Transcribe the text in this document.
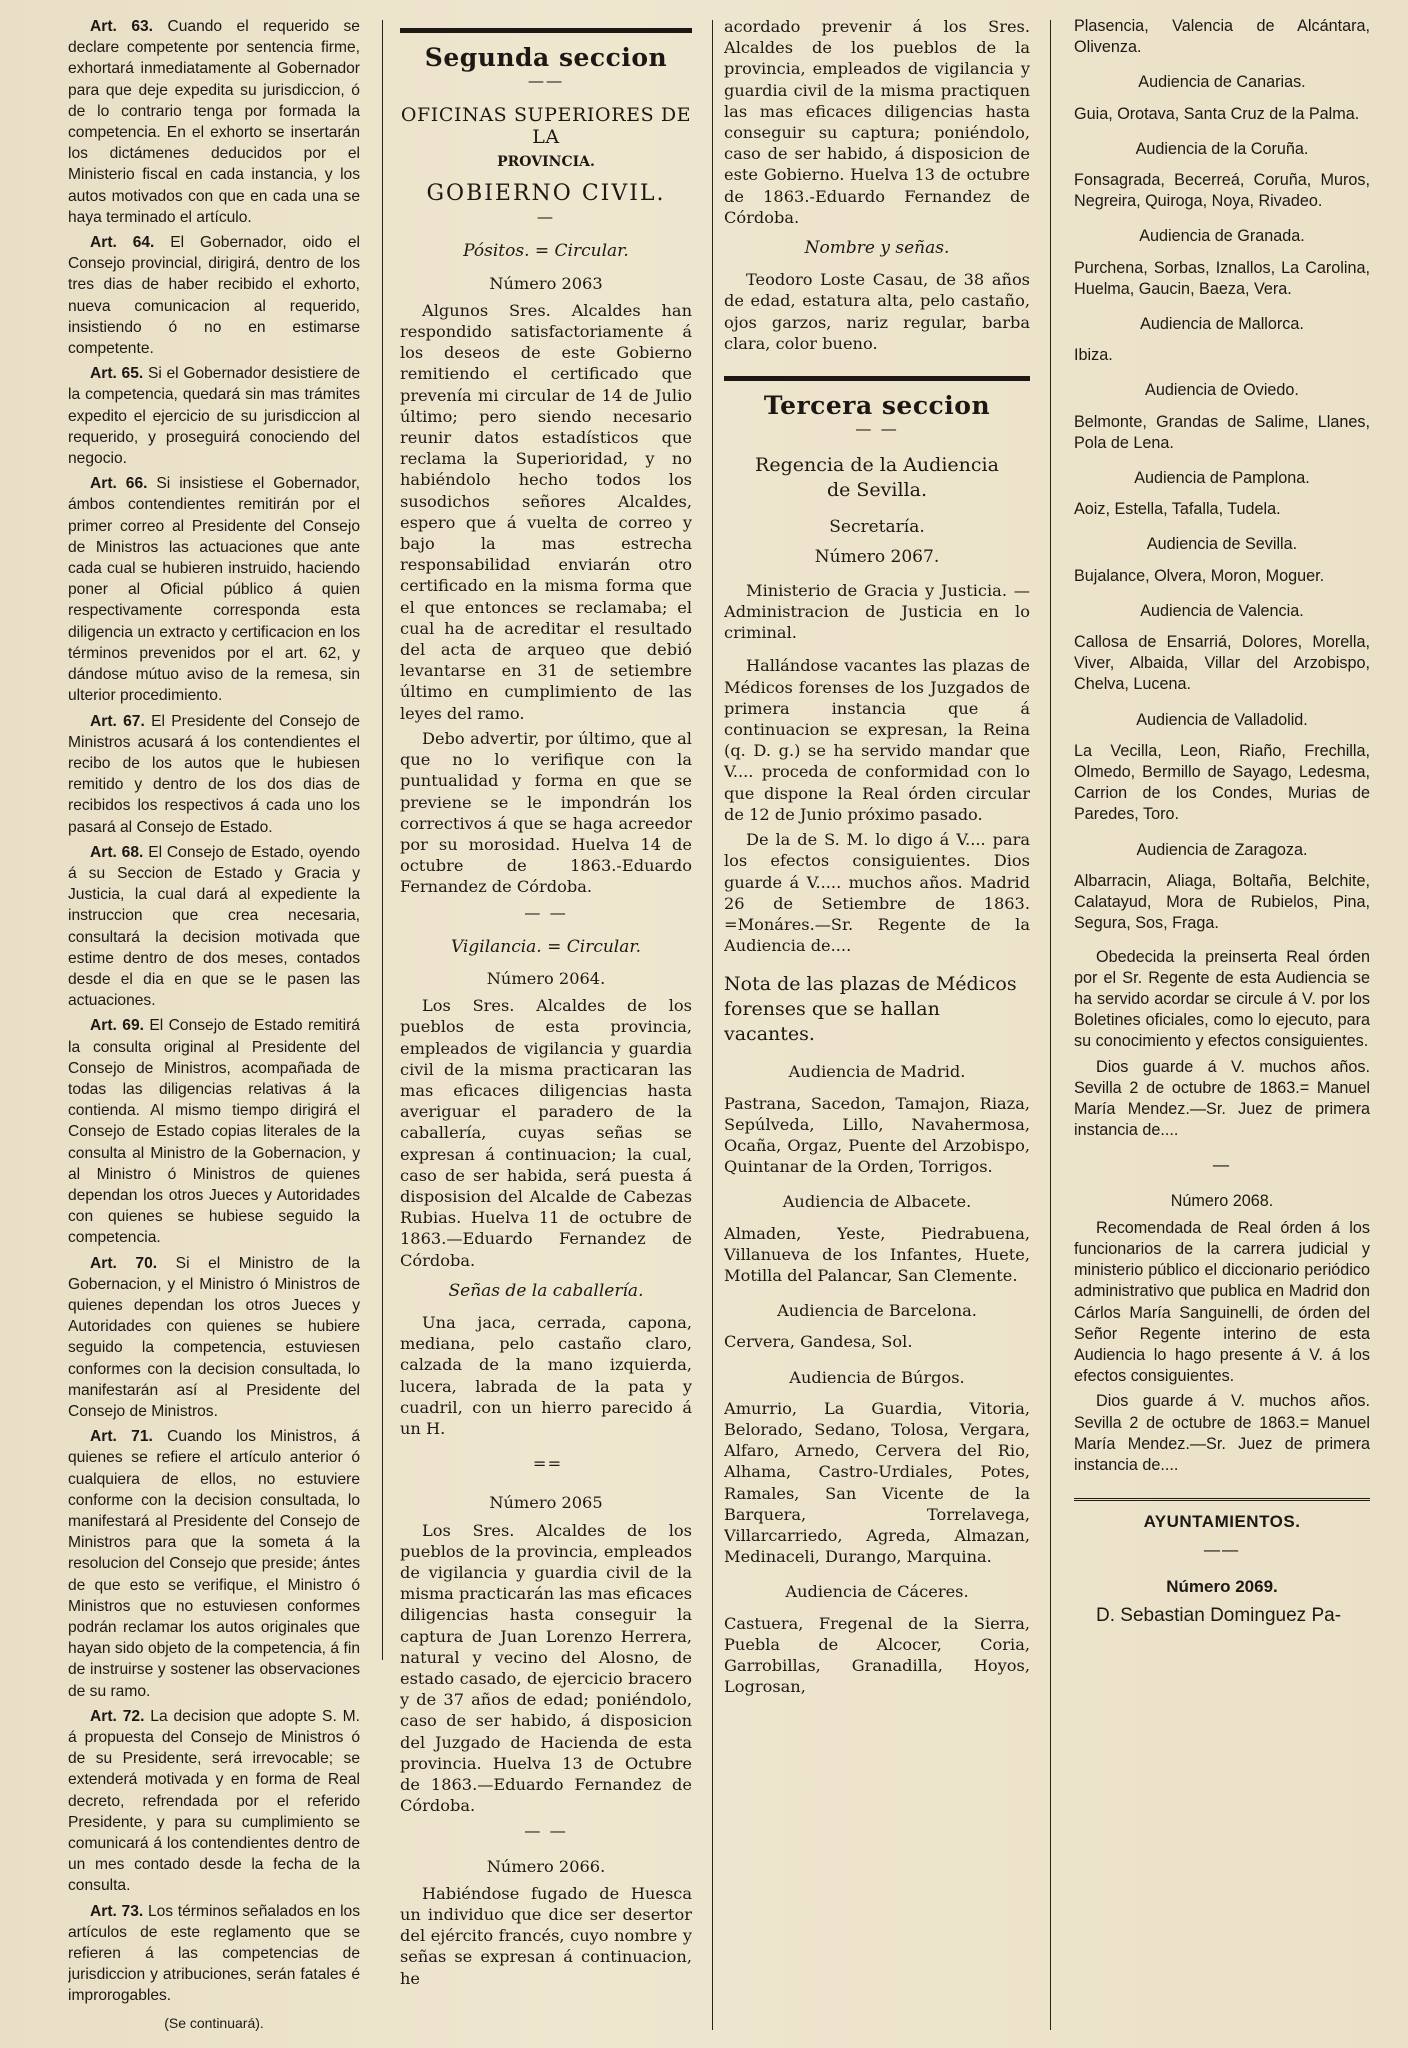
Art. 63. Cuando el requerido se declare competente por sentencia firme, exhortará inmediatamente al Gobernador para que deje expedita su jurisdiccion, ó de lo contrario tenga por formada la competencia. En el exhorto se insertarán los dictámenes deducidos por el Ministerio fiscal en cada instancia, y los autos motivados con que en cada una se haya terminado el artículo.

Art. 64. El Gobernador, oido el Consejo provincial, dirigirá, dentro de los tres dias de haber recibido el exhorto, nueva comunicacion al requerido, insistiendo ó no en estimarse competente.

Art. 65. Si el Gobernador desistiere de la competencia, quedará sin mas trámites expedito el ejercicio de su jurisdiccion al requerido, y proseguirá conociendo del negocio.

Art. 66. Si insistiese el Gobernador, ámbos contendientes remitirán por el primer correo al Presidente del Consejo de Ministros las actuaciones que ante cada cual se hubieren instruido, haciendo poner al Oficial público á quien respectivamente corresponda esta diligencia un extracto y certificacion en los términos prevenidos por el art. 62, y dándose mútuo aviso de la remesa, sin ulterior procedimiento.

Art. 67. El Presidente del Consejo de Ministros acusará á los contendientes el recibo de los autos que le hubiesen remitido y dentro de los dos dias de recibidos los respectivos á cada uno los pasará al Consejo de Estado.

Art. 68. El Consejo de Estado, oyendo á su Seccion de Estado y Gracia y Justicia, la cual dará al expediente la instruccion que crea necesaria, consultará la decision motivada que estime dentro de dos meses, contados desde el dia en que se le pasen las actuaciones.

Art. 69. El Consejo de Estado remitirá la consulta original al Presidente del Consejo de Ministros, acompañada de todas las diligencias relativas á la contienda. Al mismo tiempo dirigirá el Consejo de Estado copias literales de la consulta al Ministro de la Gobernacion, y al Ministro ó Ministros de quienes dependan los otros Jueces y Autoridades con quienes se hubiese seguido la competencia.

Art. 70. Si el Ministro de la Gobernacion, y el Ministro ó Ministros de quienes dependan los otros Jueces y Autoridades con quienes se hubiere seguido la competencia, estuviesen conformes con la decision consultada, lo manifestarán así al Presidente del Consejo de Ministros.

Art. 71. Cuando los Ministros, á quienes se refiere el artículo anterior ó cualquiera de ellos, no estuviere conforme con la decision consultada, lo manifestará al Presidente del Consejo de Ministros para que la someta á la resolucion del Consejo que preside; ántes de que esto se verifique, el Ministro ó Ministros que no estuviesen conformes podrán reclamar los autos originales que hayan sido objeto de la competencia, á fin de instruirse y sostener las observaciones de su ramo.

Art. 72. La decision que adopte S. M. á propuesta del Consejo de Ministros ó de su Presidente, será irrevocable; se extenderá motivada y en forma de Real decreto, refrendada por el referido Presidente, y para su cumplimiento se comunicará á los contendientes dentro de un mes contado desde la fecha de la consulta.

Art. 73. Los términos señalados en los artículos de este reglamento que se refieren á las competencias de jurisdiccion y atribuciones, serán fatales é improrogables.

(Se continuará).
Segunda seccion
——
OFICINAS SUPERIORES DE LA
PROVINCIA.
GOBIERNO CIVIL.
—
Pósitos. = Circular.
Número 2063

Algunos Sres. Alcaldes han respondido satisfactoriamente á los deseos de este Gobierno remitiendo el certificado que prevenía mi circular de 14 de Julio último; pero siendo necesario reunir datos estadísticos que reclama la Superioridad, y no habiéndolo hecho todos los susodichos señores Alcaldes, espero que á vuelta de correo y bajo la mas estrecha responsabilidad enviarán otro certificado en la misma forma que el que entonces se reclamaba; el cual ha de acreditar el resultado del acta de arqueo que debió levantarse en 31 de setiembre último en cumplimiento de las leyes del ramo.

Debo advertir, por último, que al que no lo verifique con la puntualidad y forma en que se previene se le impondrán los correctivos á que se haga acreedor por su morosidad. Huelva 14 de octubre de 1863.-Eduardo Fernandez de Córdoba.

— —
Vigilancia. = Circular.
Número 2064.

Los Sres. Alcaldes de los pueblos de esta provincia, empleados de vigilancia y guardia civil de la misma practicaran las mas eficaces diligencias hasta averiguar el paradero de la caballería, cuyas señas se expresan á continuacion; la cual, caso de ser habida, será puesta á disposision del Alcalde de Cabezas Rubias. Huelva 11 de octubre de 1863.—Eduardo Fernandez de Córdoba.

Señas de la caballería.

Una jaca, cerrada, capona, mediana, pelo castaño claro, calzada de la mano izquierda, lucera, labrada de la pata y cuadril, con un hierro parecido á un H.

= =
Número 2065

Los Sres. Alcaldes de los pueblos de la provincia, empleados de vigilancia y guardia civil de la misma practicarán las mas eficaces diligencias hasta conseguir la captura de Juan Lorenzo Herrera, natural y vecino del Alosno, de estado casado, de ejercicio bracero y de 37 años de edad; poniéndolo, caso de ser habido, á disposicion del Juzgado de Hacienda de esta provincia. Huelva 13 de Octubre de 1863.—Eduardo Fernandez de Córdoba.

— —
Número 2066.

Habiéndose fugado de Huesca un individuo que dice ser desertor del ejército francés, cuyo nombre y señas se expresan á continuacion, he

acordado prevenir á los Sres. Alcaldes de los pueblos de la provincia, empleados de vigilancia y guardia civil de la misma practiquen las mas eficaces diligencias hasta conseguir su captura; poniéndolo, caso de ser habido, á disposicion de este Gobierno. Huelva 13 de octubre de 1863.-Eduardo Fernandez de Córdoba.

Nombre y señas.

Teodoro Loste Casau, de 38 años de edad, estatura alta, pelo castaño, ojos garzos, nariz regular, barba clara, color bueno.

Tercera seccion
— —
Regencia de la Audiencia de Sevilla.
Secretaría.
Número 2067.

Ministerio de Gracia y Justicia. —Administracion de Justicia en lo criminal.

Hallándose vacantes las plazas de Médicos forenses de los Juzgados de primera instancia que á continuacion se expresan, la Reina (q. D. g.) se ha servido mandar que V.... proceda de conformidad con lo que dispone la Real órden circular de 12 de Junio próximo pasado.

De la de S. M. lo digo á V.... para los efectos consiguientes. Dios guarde á V..... muchos años. Madrid 26 de Setiembre de 1863. =Monáres.—Sr. Regente de la Audiencia de....

Nota de las plazas de Médicos forenses que se hallan vacantes.
Audiencia de Madrid.

Pastrana, Sacedon, Tamajon, Riaza, Sepúlveda, Lillo, Navahermosa, Ocaña, Orgaz, Puente del Arzobispo, Quintanar de la Orden, Torrigos.

Audiencia de Albacete.

Almaden, Yeste, Piedrabuena, Villanueva de los Infantes, Huete, Motilla del Palancar, San Clemente.

Audiencia de Barcelona.

Cervera, Gandesa, Sol.

Audiencia de Búrgos.

Amurrio, La Guardia, Vitoria, Belorado, Sedano, Tolosa, Vergara, Alfaro, Arnedo, Cervera del Rio, Alhama, Castro-Urdiales, Potes, Ramales, San Vicente de la Barquera, Torrelavega, Villarcarriedo, Agreda, Almazan, Medinaceli, Durango, Marquina.

Audiencia de Cáceres.

Castuera, Fregenal de la Sierra, Puebla de Alcocer, Coria, Garrobillas, Granadilla, Hoyos, Logrosan,

Plasencia, Valencia de Alcántara, Olivenza.

Audiencia de Canarias.

Guia, Orotava, Santa Cruz de la Palma.

Audiencia de la Coruña.

Fonsagrada, Becerreá, Coruña, Muros, Negreira, Quiroga, Noya, Rivadeo.

Audiencia de Granada.

Purchena, Sorbas, Iznallos, La Carolina, Huelma, Gaucin, Baeza, Vera.

Audiencia de Mallorca.

Ibiza.

Audiencia de Oviedo.

Belmonte, Grandas de Salime, Llanes, Pola de Lena.

Audiencia de Pamplona.

Aoiz, Estella, Tafalla, Tudela.

Audiencia de Sevilla.

Bujalance, Olvera, Moron, Moguer.

Audiencia de Valencia.

Callosa de Ensarriá, Dolores, Morella, Viver, Albaida, Villar del Arzobispo, Chelva, Lucena.

Audiencia de Valladolid.

La Vecilla, Leon, Riaño, Frechilla, Olmedo, Bermillo de Sayago, Ledesma, Carrion de los Condes, Murias de Paredes, Toro.

Audiencia de Zaragoza.

Albarracin, Aliaga, Boltaña, Belchite, Calatayud, Mora de Rubielos, Pina, Segura, Sos, Fraga.

Obedecida la preinserta Real órden por el Sr. Regente de esta Audiencia se ha servido acordar se circule á V. por los Boletines oficiales, como lo ejecuto, para su conocimiento y efectos consiguientes.

Dios guarde á V. muchos años. Sevilla 2 de octubre de 1863.= Manuel María Mendez.—Sr. Juez de primera instancia de....

—
Número 2068.

Recomendada de Real órden á los funcionarios de la carrera judicial y ministerio público el diccionario periódico administrativo que publica en Madrid don Cárlos María Sanguinelli, de órden del Señor Regente interino de esta Audiencia lo hago presente á V. á los efectos consiguientes.

Dios guarde á V. muchos años. Sevilla 2 de octubre de 1863.= Manuel María Mendez.—Sr. Juez de primera instancia de....

AYUNTAMIENTOS.
——
Número 2069.

D. Sebastian Dominguez Pa-
